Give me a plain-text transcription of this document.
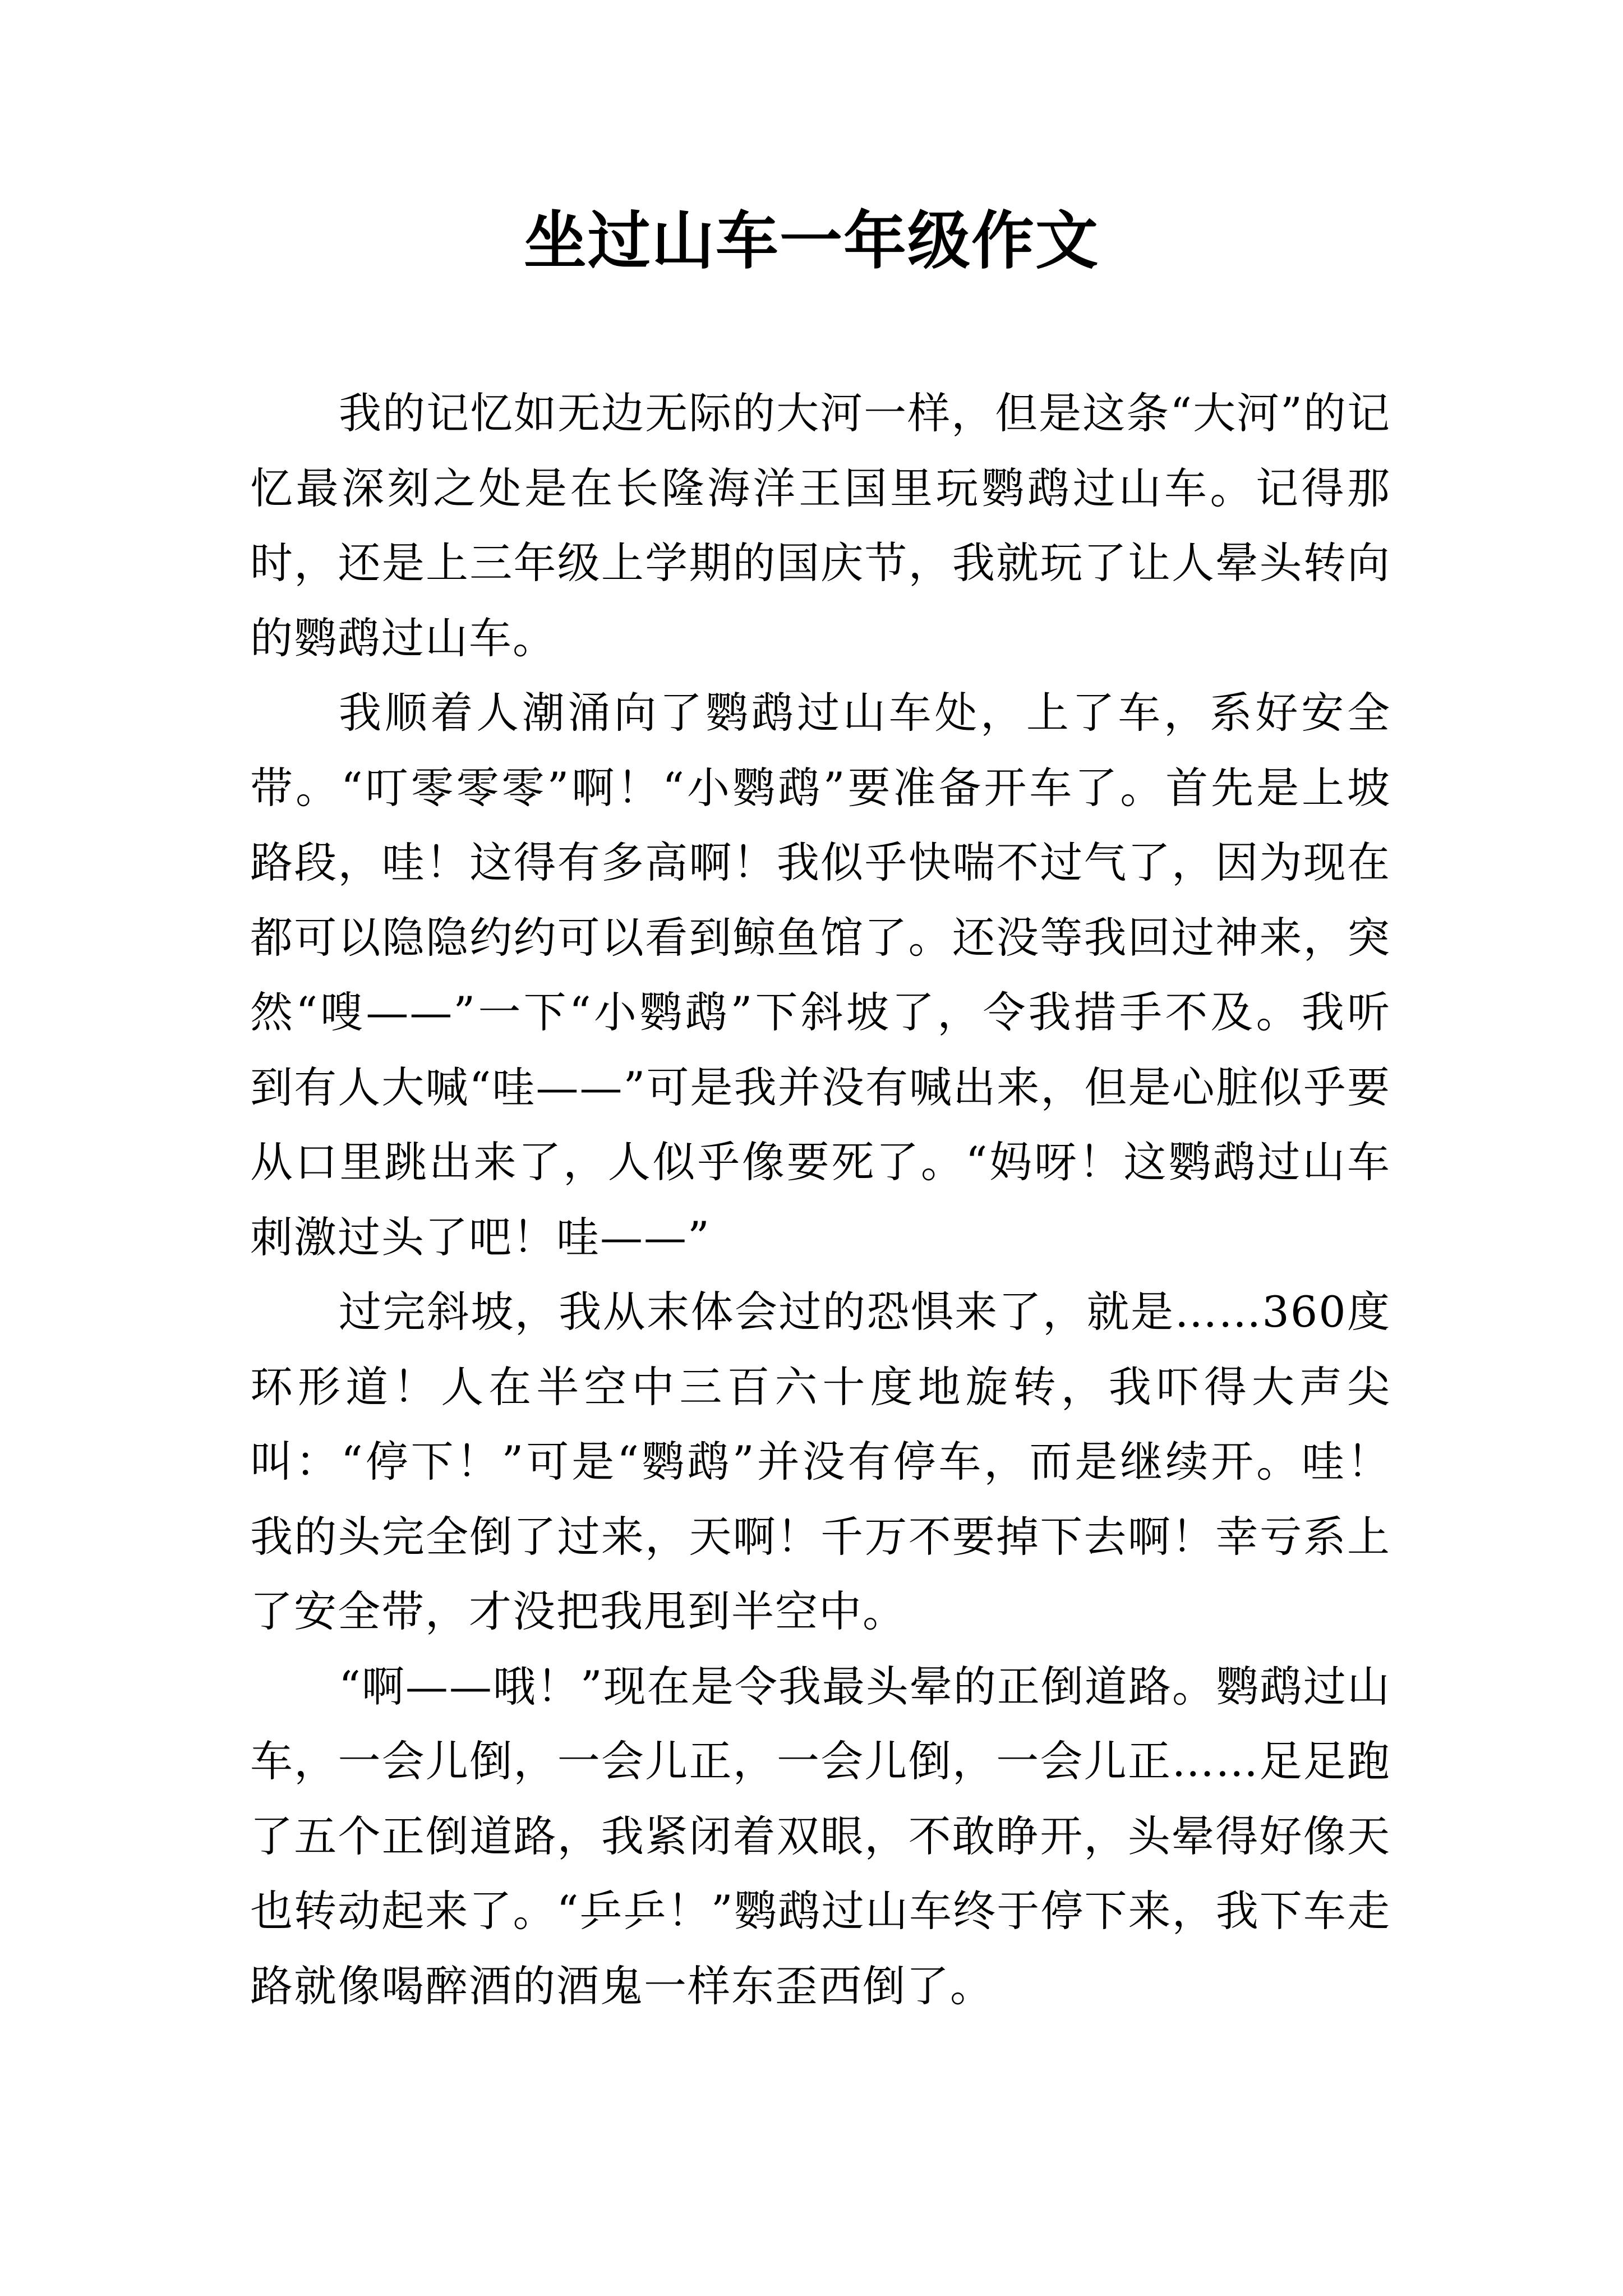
坐过山车一年级作文

我的记忆如无边无际的大河一样，但是这条“大河”的记忆最深刻之处是在长隆海洋王国里玩鹦鹉过山车。记得那时，还是上三年级上学期的国庆节，我就玩了让人晕头转向的鹦鹉过山车。

我顺着人潮涌向了鹦鹉过山车处，上了车，系好安全带。“叮零零零”啊！“小鹦鹉”要准备开车了。首先是上坡路段，哇！这得有多高啊！我似乎快喘不过气了，因为现在都可以隐隐约约可以看到鲸鱼馆了。还没等我回过神来，突然“嗖——”一下“小鹦鹉”下斜坡了，令我措手不及。我听到有人大喊“哇——”可是我并没有喊出来，但是心脏似乎要从口里跳出来了，人似乎像要死了。“妈呀！这鹦鹉过山车刺激过头了吧！哇——”

过完斜坡，我从末体会过的恐惧来了，就是……360度环形道！人在半空中三百六十度地旋转，我吓得大声尖叫：“停下！”可是“鹦鹉”并没有停车，而是继续开。哇！我的头完全倒了过来，天啊！千万不要掉下去啊！幸亏系上了安全带，才没把我甩到半空中。

“啊——哦！”现在是令我最头晕的正倒道路。鹦鹉过山车，一会儿倒，一会儿正，一会儿倒，一会儿正……足足跑了五个正倒道路，我紧闭着双眼，不敢睁开，头晕得好像天也转动起来了。“乒乒！”鹦鹉过山车终于停下来，我下车走路就像喝醉酒的酒鬼一样东歪西倒了。
